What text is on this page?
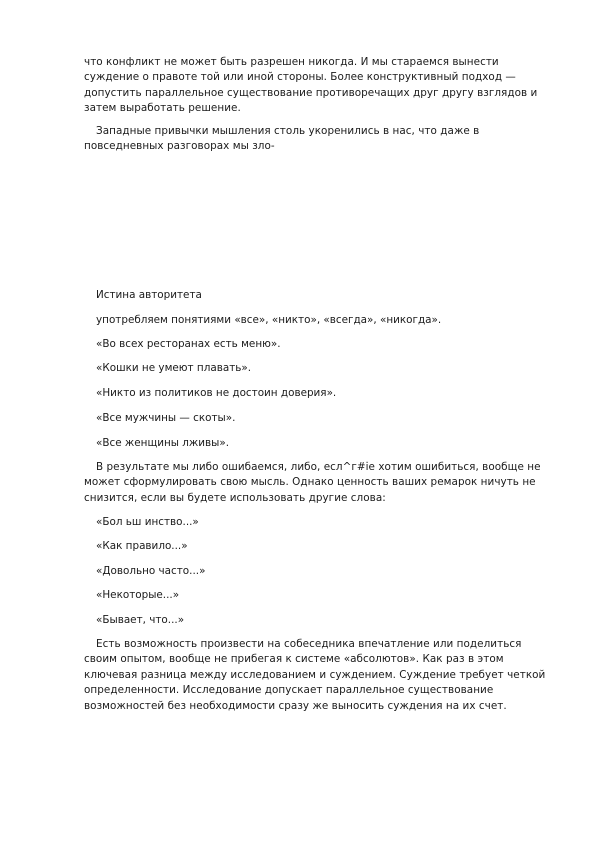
что конфликт не может быть разрешен никогда. И мы стараемся вынести суждение о правоте той или иной стороны. Более конструктивный подход — допустить параллельное существование противоречащих друг другу взглядов и затем выработать решение.

Западные привычки мышления столь укоренились в нас, что даже в повседневных разговорах мы зло-

Истина авторитета

употребляем понятиями «все», «никто», «всегда», «никогда».

«Во всех ресторанах есть меню».

«Кошки не умеют плавать».

«Никто из политиков не достоин доверия».

«Все мужчины — скоты».

«Все женщины лживы».

В результате мы либо ошибаемся, либо, есл^г#іе хотим ошибиться, вообще не может сформулировать свою мысль. Однако ценность ваших ремарок ничуть не снизится, если вы будете использовать другие слова:

«Бол ьш инство...»

«Как правило...»

«Довольно часто...»

«Некоторые...»

«Бывает, что...»

Есть возможность произвести на собеседника впечатление или поделиться своим опытом, вообще не прибегая к системе «абсолютов». Как раз в этом ключевая разница между исследованием и суждением. Суждение требует четкой определенности. Исследование допускает параллельное существование возможностей без необходимости сразу же выносить суждения на их счет.
